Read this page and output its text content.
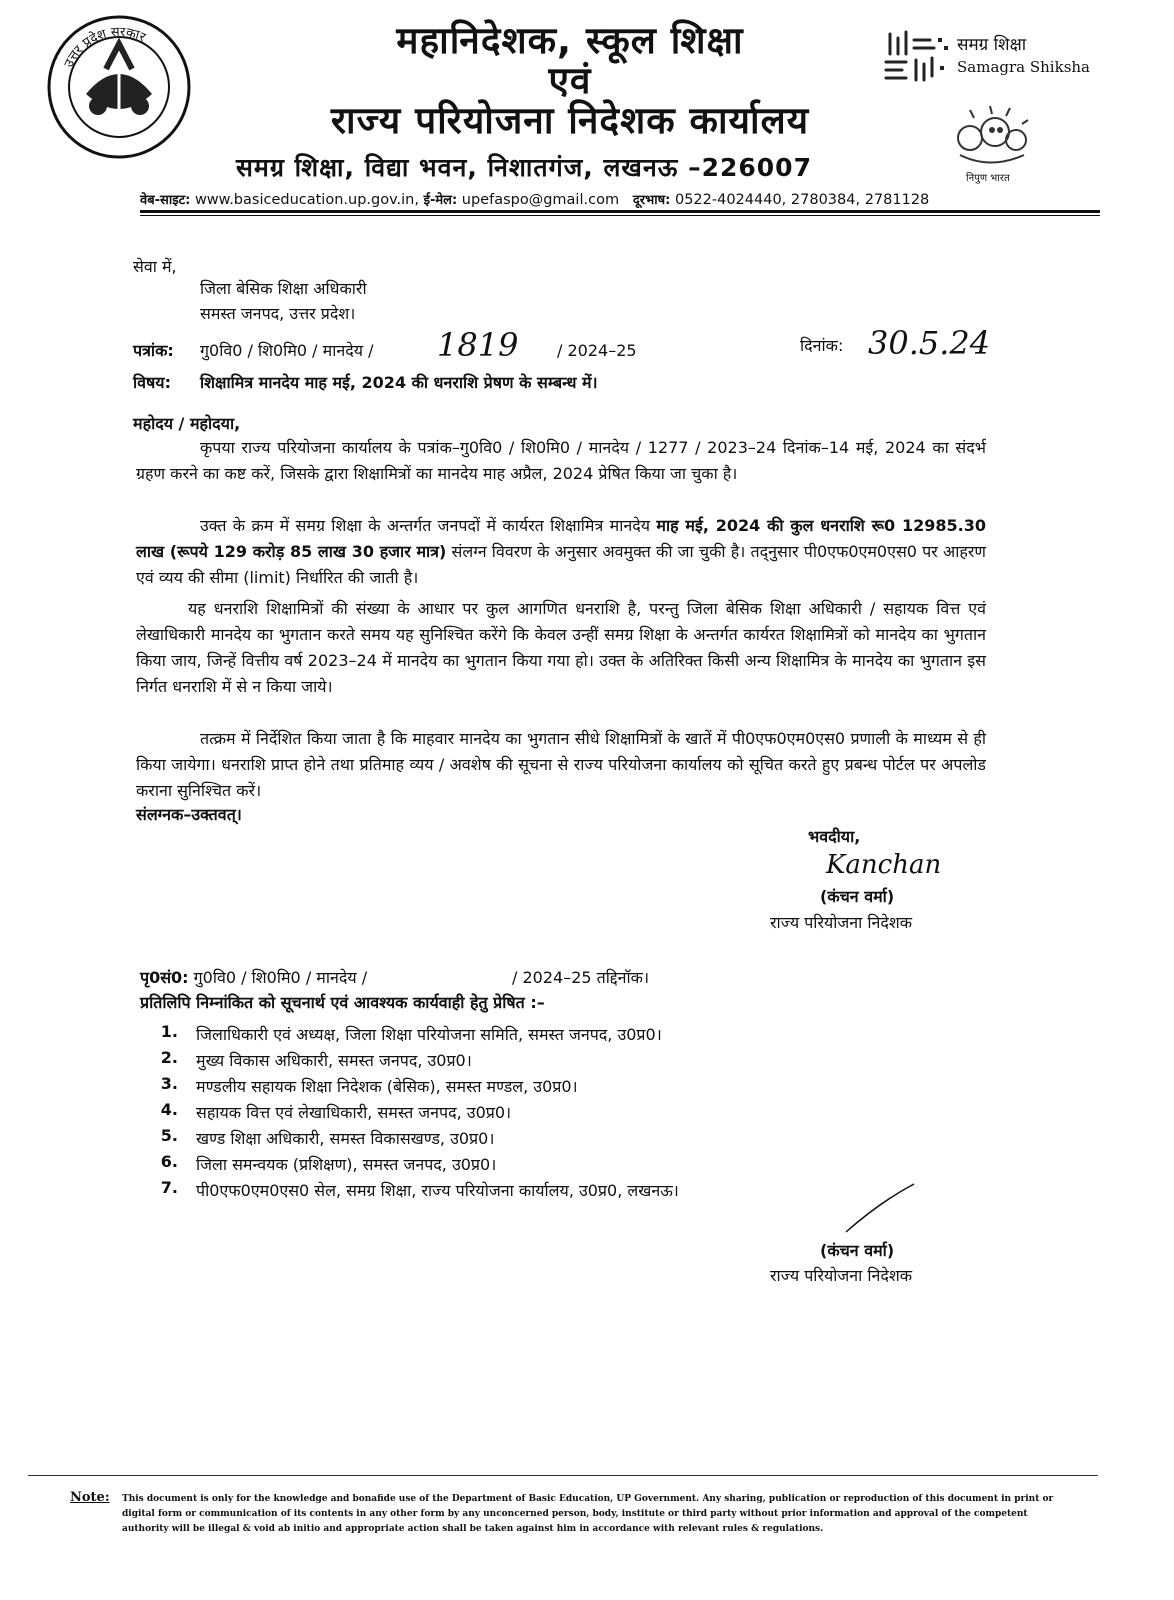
उत्तर प्रदेश सरकार	महानिदेशक, स्कूल शिक्षा
एवं
राज्य परियोजना निदेशक कार्यालय
समग्र शिक्षा, विद्या भवन, निशातगंज, लखनऊ –226007
समग्र शिक्षा
Samagra Shiksha
निपुण भारत
वेब-साइट: www.basiceducation.up.gov.in, ई-मेल: upefaspo@gmail.com दूरभाष: 0522-4024440, 2780384, 2781128
सेवा में,
जिला बेसिक शिक्षा अधिकारी
समस्त जनपद, उत्तर प्रदेश।
पत्रांक: गु0वि0 / शि0मि0 / मानदेय / 1819 / 2024–25	दिनांक: 30.5.24
विषय: शिक्षामित्र मानदेय माह मई, 2024 की धनराशि प्रेषण के सम्बन्ध में।
महोदय / महोदया,
कृपया राज्य परियोजना कार्यालय के पत्रांक–गु0वि0 / शि0मि0 / मानदेय / 1277 / 2023–24 दिनांक–14 मई, 2024 का संदर्भ ग्रहण करने का कष्ट करें, जिसके द्वारा शिक्षामित्रों का मानदेय माह अप्रैल, 2024 प्रेषित किया जा चुका है।
उक्त के क्रम में समग्र शिक्षा के अन्तर्गत जनपदों में कार्यरत शिक्षामित्र मानदेय माह मई, 2024 की कुल धनराशि रू0 12985.30 लाख (रूपये 129 करोड़ 85 लाख 30 हजार मात्र) संलग्न विवरण के अनुसार अवमुक्त की जा चुकी है। तद्नुसार पी0एफ0एम0एस0 पर आहरण एवं व्यय की सीमा (limit) निर्धारित की जाती है।
यह धनराशि शिक्षामित्रों की संख्या के आधार पर कुल आगणित धनराशि है, परन्तु जिला बेसिक शिक्षा अधिकारी / सहायक वित्त एवं लेखाधिकारी मानदेय का भुगतान करते समय यह सुनिश्चित करेंगे कि केवल उन्हीं समग्र शिक्षा के अन्तर्गत कार्यरत शिक्षामित्रों को मानदेय का भुगतान किया जाय, जिन्हें वित्तीय वर्ष 2023–24 में मानदेय का भुगतान किया गया हो। उक्त के अतिरिक्त किसी अन्य शिक्षामित्र के मानदेय का भुगतान इस निर्गत धनराशि में से न किया जाये।
तत्क्रम में निर्देशित किया जाता है कि माहवार मानदेय का भुगतान सीधे शिक्षामित्रों के खातें में पी0एफ0एम0एस0 प्रणाली के माध्यम से ही किया जायेगा। धनराशि प्राप्त होने तथा प्रतिमाह व्यय / अवशेष की सूचना से राज्य परियोजना कार्यालय को सूचित करते हुए प्रबन्ध पोर्टल पर अपलोड कराना सुनिश्चित करें।
संलग्नक–उक्तवत्।
भवदीया,
Kanchan
(कंचन वर्मा)
राज्य परियोजना निदेशक
पृ0सं0: गु0वि0 / शि0मि0 / मानदेय /	/ 2024–25 तद्दिनॉक।
प्रतिलिपि निम्नांकित को सूचनार्थ एवं आवश्यक कार्यवाही हेतु प्रेषित :–
1. जिलाधिकारी एवं अध्यक्ष, जिला शिक्षा परियोजना समिति, समस्त जनपद, उ0प्र0।
2. मुख्य विकास अधिकारी, समस्त जनपद, उ0प्र0।
3. मण्डलीय सहायक शिक्षा निदेशक (बेसिक), समस्त मण्डल, उ0प्र0।
4. सहायक वित्त एवं लेखाधिकारी, समस्त जनपद, उ0प्र0।
5. खण्ड शिक्षा अधिकारी, समस्त विकासखण्ड, उ0प्र0।
6. जिला समन्वयक (प्रशिक्षण), समस्त जनपद, उ0प्र0।
7. पी0एफ0एम0एस0 सेल, समग्र शिक्षा, राज्य परियोजना कार्यालय, उ0प्र0, लखनऊ।
(कंचन वर्मा)
राज्य परियोजना निदेशक
Note: This document is only for the knowledge and bonafide use of the Department of Basic Education, UP Government. Any sharing, publication or reproduction of this document in print or digital form or communication of its contents in any other form by any unconcerned person, body, institute or third party without prior information and approval of the competent authority will be illegal & void ab initio and appropriate action shall be taken against him in accordance with relevant rules & regulations.
